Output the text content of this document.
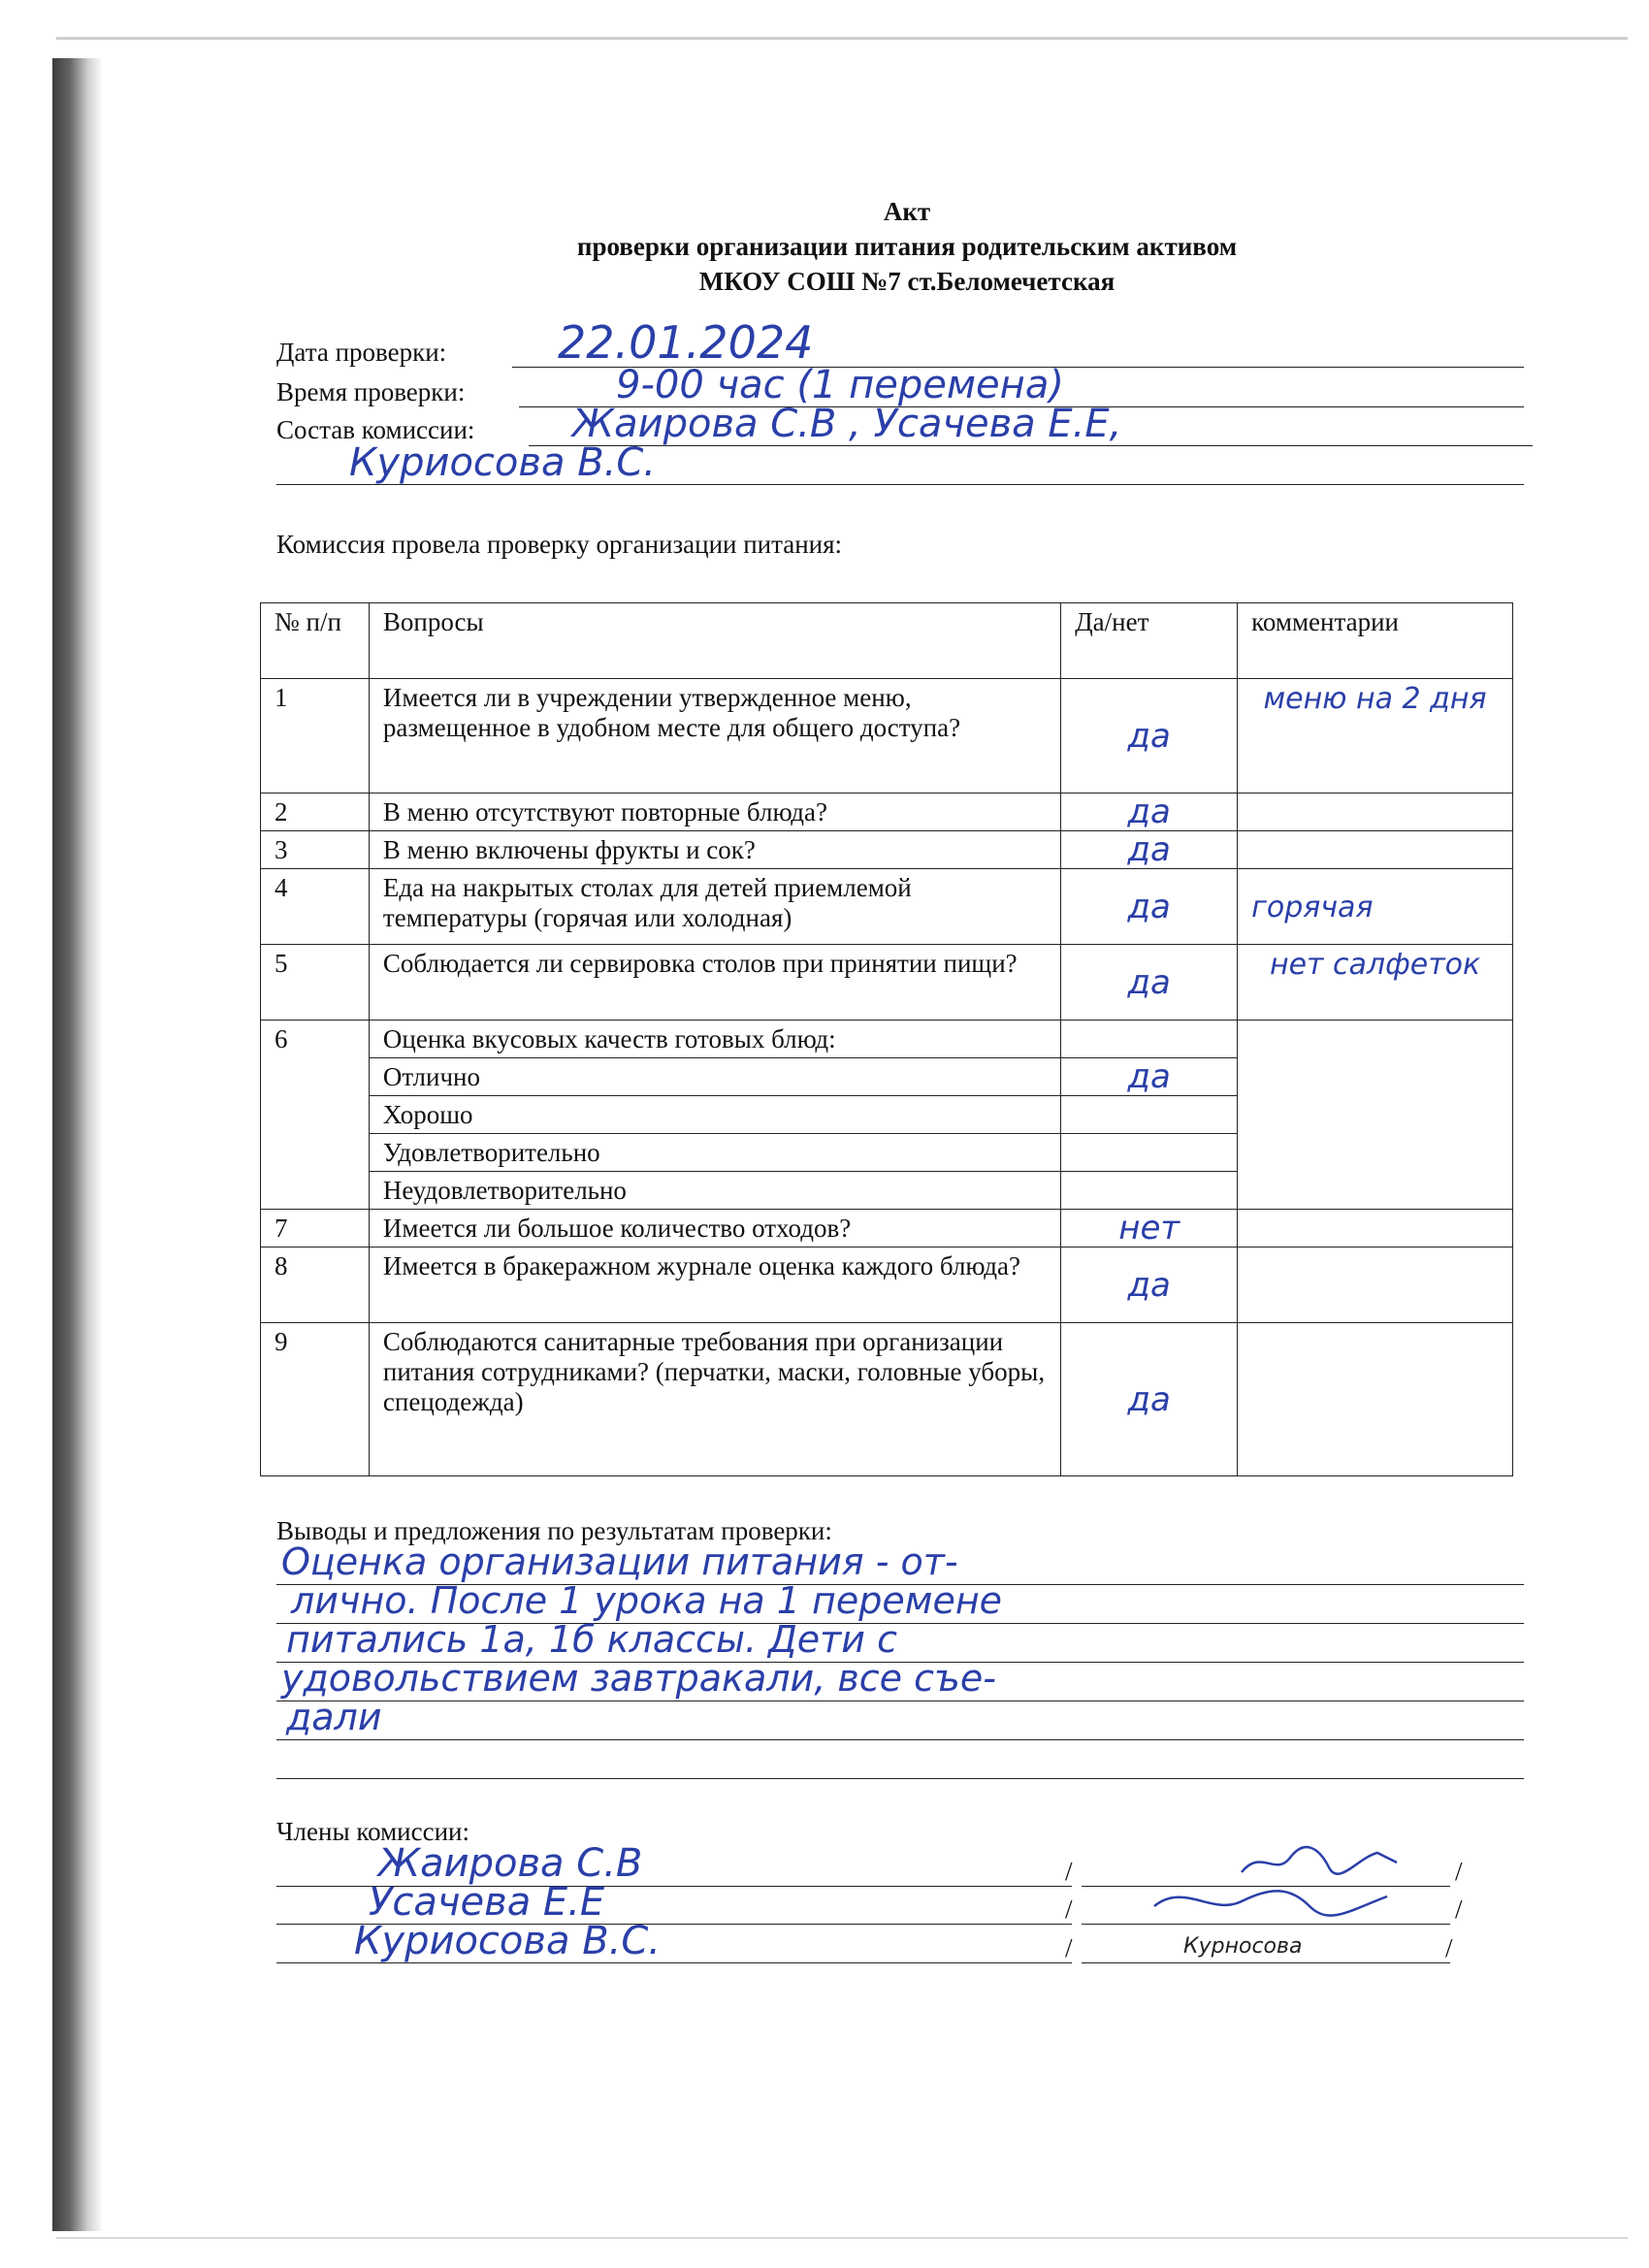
Акт
проверки организации питания родительским активом
МКОУ СОШ №7 ст.Беломечетская
Дата проверки: 22.01.2024
Время проверки:	9-00 час (1 перемена)
Состав комиссии:	Жаирова С.В , Усачева Е.Е,
Куриосова В.С.
Комиссия провела проверку организации питания:
№ п/п	Вопросы	Да/нет	комментарии
1	Имеется ли в учреждении утвержденное меню, размещенное в удобном месте для общего доступа?	да	меню на 2 дня
2	В меню отсутствуют повторные блюда?	да	
3	В меню включены фрукты и сок?	да	
4	Еда на накрытых столах для детей приемлемой температуры (горячая или холодная)	да	горячая
5	Соблюдается ли сервировка столов при принятии пищи?	да	нет салфеток
6	Оценка вкусовых качеств готовых блюд:		
	Отлично	да	
	Хорошо		
	Удовлетворительно		
	Неудовлетворительно		
7	Имеется ли большое количество отходов?	нет	
8	Имеется в бракеражном журнале оценка каждого блюда?	да	
9	Соблюдаются санитарные требования при организации питания сотрудниками? (перчатки, маски, головные уборы, спецодежда)	да	
Выводы и предложения по результатам проверки:
Оценка организации питания - от-
лично. После 1 урока на 1 перемене
питались 1а, 1б классы. Дети с
удовольствием завтракали, все съе-
дали
Члены комиссии:
Жаирова С.В	/	/
Усачева Е.Е	/	/
Куриосова В.С.	/	/
Курносова
